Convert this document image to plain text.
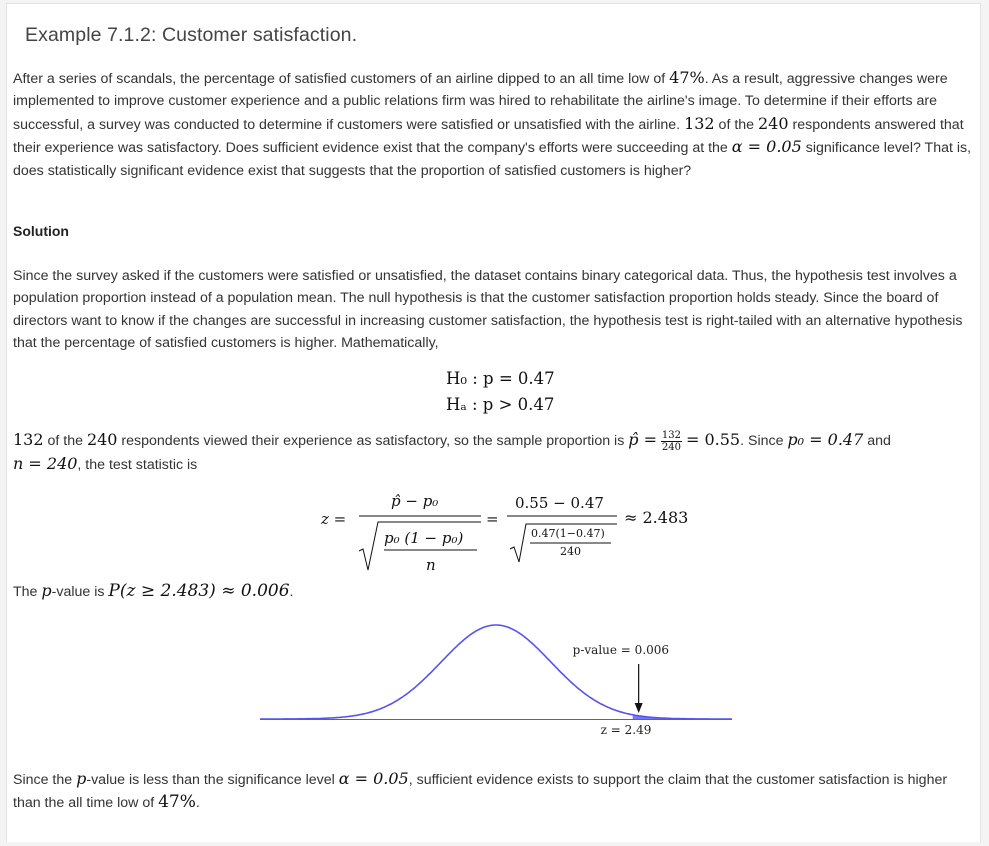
Example 7.1.2: Customer satisfaction.

After a series of scandals, the percentage of satisfied customers of an airline dipped to an all time low of 47%. As a result, aggressive changes were implemented to improve customer experience and a public relations firm was hired to rehabilitate the airline's image. To determine if their efforts are successful, a survey was conducted to determine if customers were satisfied or unsatisfied with the airline. 132 of the 240 respondents answered that their experience was satisfactory. Does sufficient evidence exist that the company's efforts were succeeding at the α = 0.05 significance level? That is, does statistically significant evidence exist that suggests that the proportion of satisfied customers is higher?

Solution

Since the survey asked if the customers were satisfied or unsatisfied, the dataset contains binary categorical data. Thus, the hypothesis test involves a population proportion instead of a population mean. The null hypothesis is that the customer satisfaction proportion holds steady. Since the board of directors want to know if the changes are successful in increasing customer satisfaction, the hypothesis test is right-tailed with an alternative hypothesis that the percentage of satisfied customers is higher. Mathematically,

H₀ : p = 0.47
Hₐ : p > 0.47

132 of the 240 respondents viewed their experience as satisfactory, so the sample proportion is p̂ = $\frac{132}{240} = 0.55$. Since p₀ = 0.47 and
n = 240, the test statistic is

z =
p̂ − p₀
p₀ (1 − p₀)
n
=
0.55 − 0.47
0.47(1−0.47)
240
≈ 2.483

The p-value is P(z ≥ 2.483) ≈ 0.006.

p-value = 0.006
z = 2.49

Since the p-value is less than the significance level α = 0.05, sufficient evidence exists to support the claim that the customer satisfaction is higher than the all time low of 47%.
